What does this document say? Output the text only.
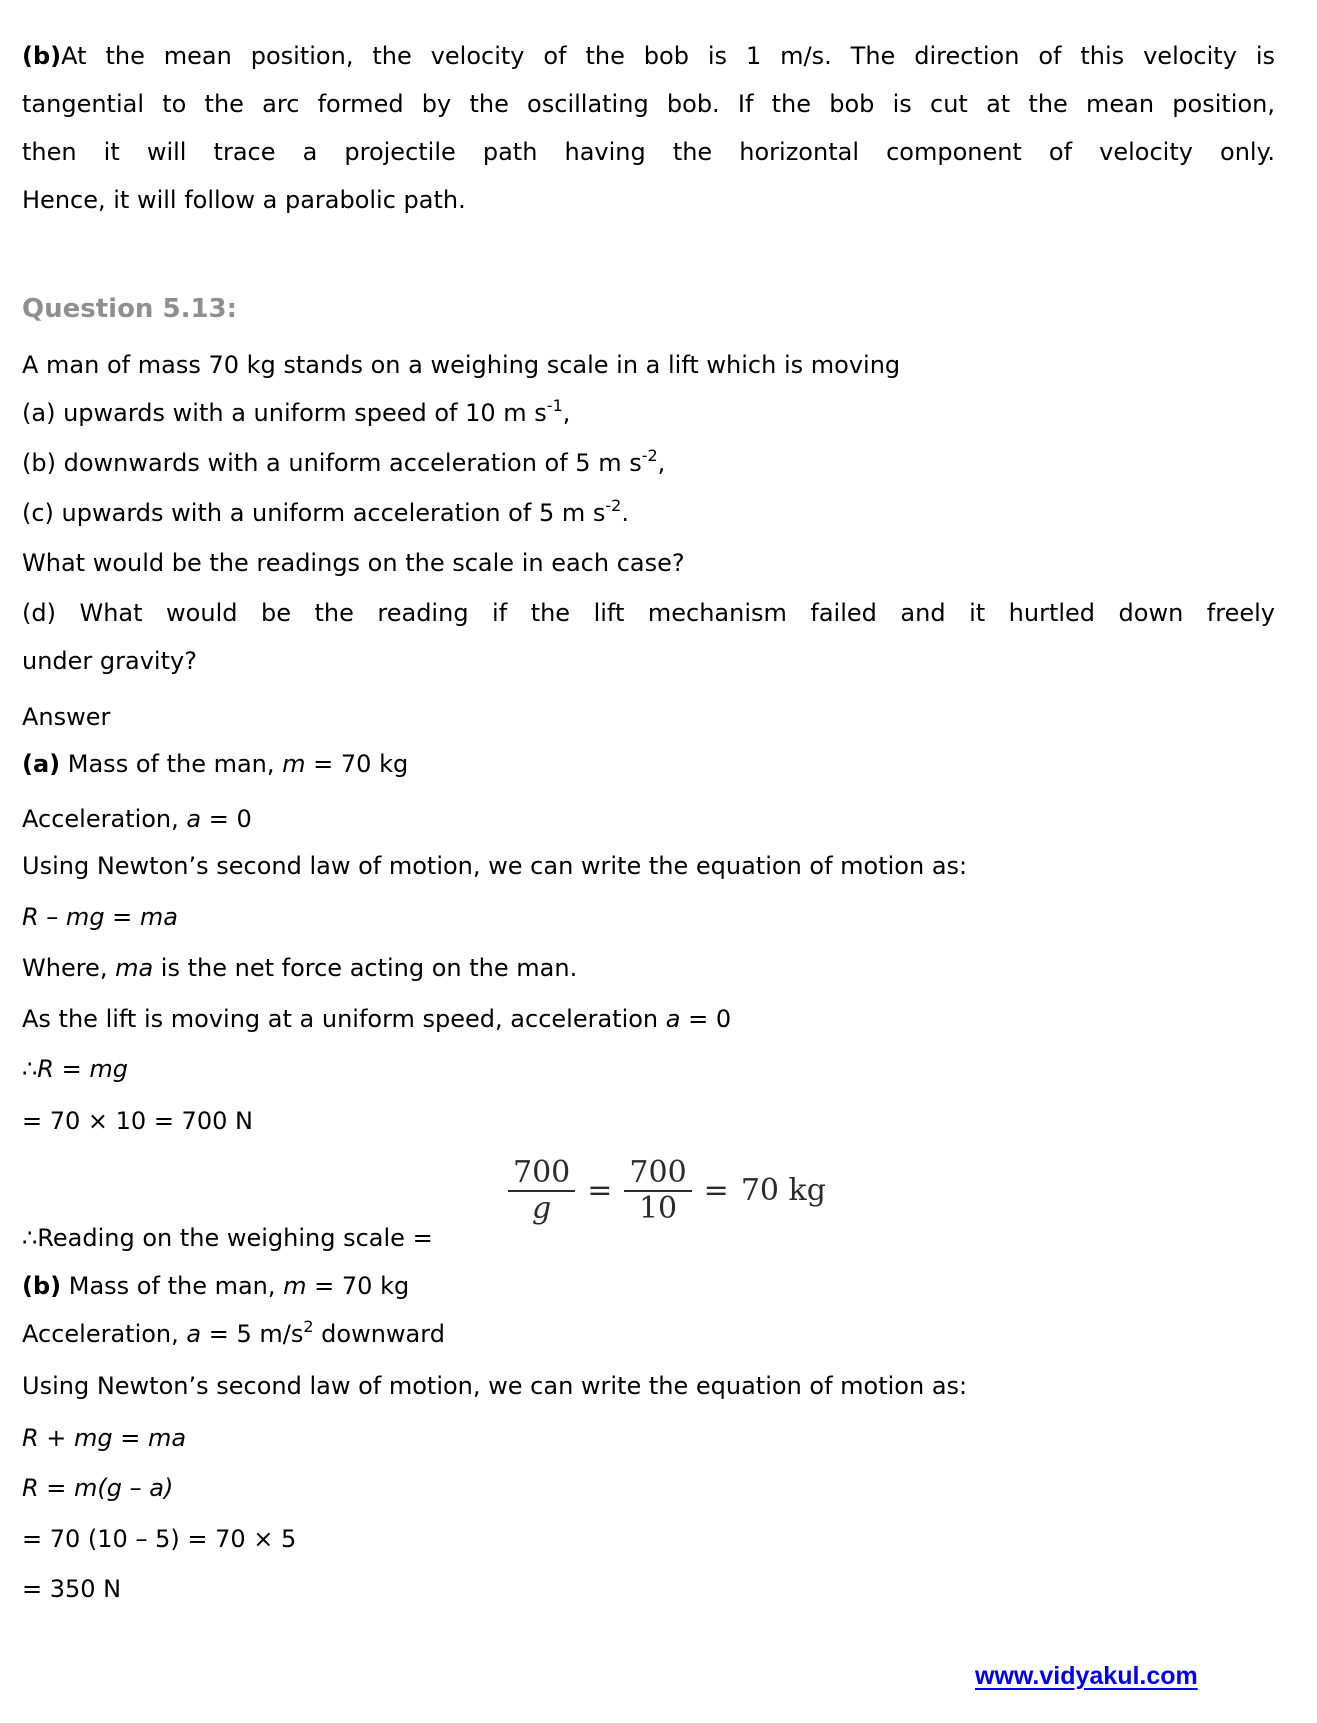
(b)At the mean position, the velocity of the bob is 1 m/s. The direction of this velocity is
tangential to the arc formed by the oscillating bob. If the bob is cut at the mean position,
then it will trace a projectile path having the horizontal component of velocity only.
Hence, it will follow a parabolic path.
Question 5.13:
A man of mass 70 kg stands on a weighing scale in a lift which is moving
(a) upwards with a uniform speed of 10 m $s^{-1}$,
(b) downwards with a uniform acceleration of 5 m $s^{-2}$,
(c) upwards with a uniform acceleration of 5 m $s^{-2}$.
What would be the readings on the scale in each case?
(d) What would be the reading if the lift mechanism failed and it hurtled down freely
under gravity?
Answer
(a) Mass of the man, m = 70 kg
Acceleration, a = 0
Using Newton’s second law of motion, we can write the equation of motion as:
R – mg = ma
Where, ma is the net force acting on the man.
As the lift is moving at a uniform speed, acceleration a = 0
∴R = mg
= 70 × 10 = 700 N
$\frac{700}{g} = \frac{700}{10} = 70$ kg
∴Reading on the weighing scale =
(b) Mass of the man, m = 70 kg
Acceleration, a = 5 $m/s^2$ downward
Using Newton’s second law of motion, we can write the equation of motion as:
R + mg = ma
R = m(g – a)
= 70 (10 – 5) = 70 × 5
= 350 N
www.vidyakul.com
